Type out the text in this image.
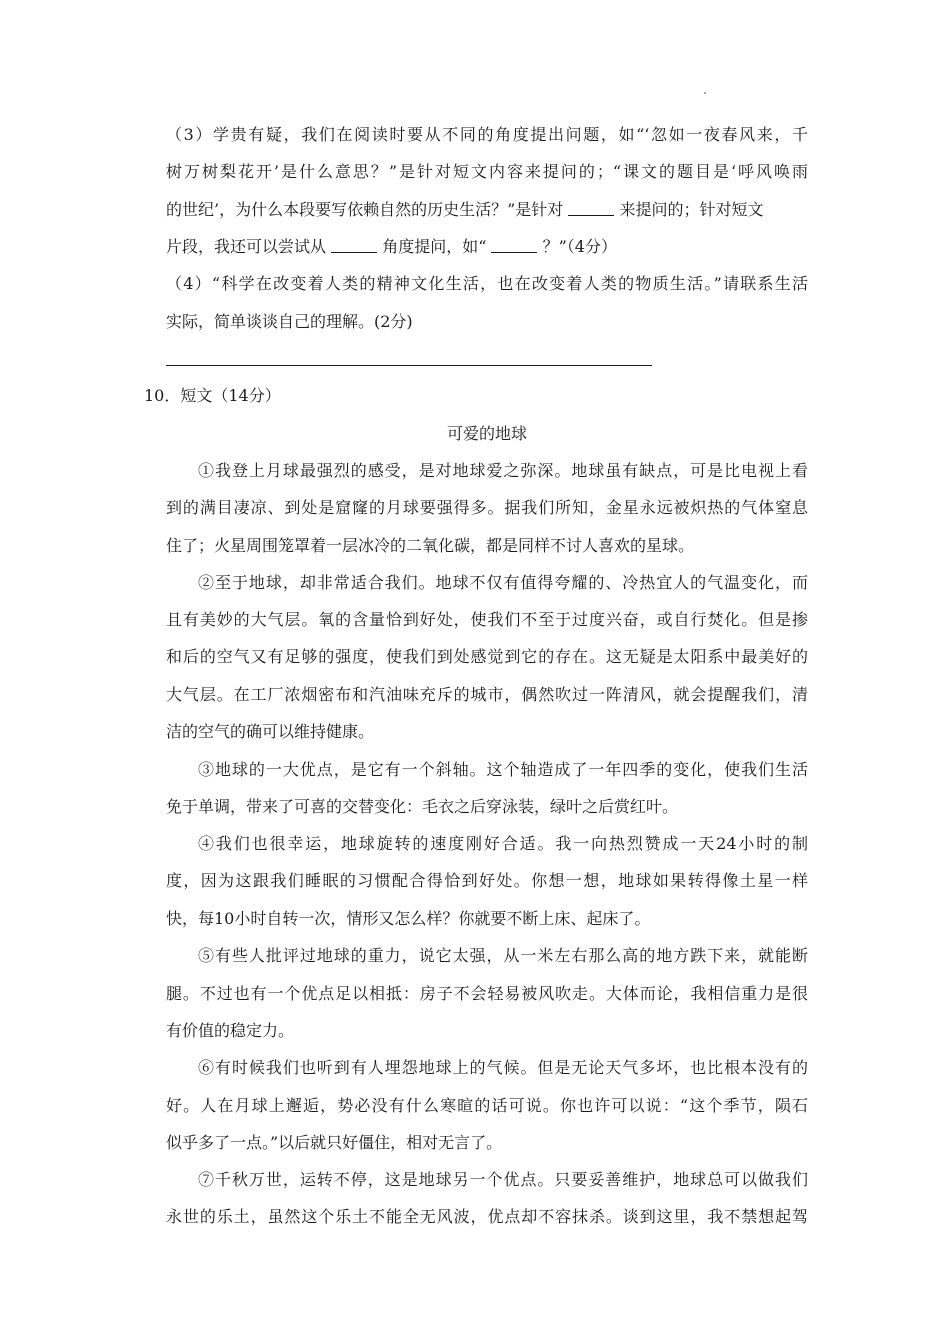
（3）学贵有疑，我们在阅读时要从不同的角度提出问题，如“‘忽如一夜春风来，千
树万树梨花开’是什么意思？”是针对短文内容来提问的；“课文的题目是‘呼风唤雨
的世纪’，为什么本段要写依赖自然的历史生活？”是针对	来提问的；针对短文
片段，我还可以尝试从	角度提问，如“	？”（4分）
（4）“科学在改变着人类的精神文化生活，也在改变着人类的物质生活。”请联系生活
实际，简单谈谈自己的理解。(2分)
10．短文（14分）
可爱的地球
①我登上月球最强烈的感受，是对地球爱之弥深。地球虽有缺点，可是比电视上看
到的满目凄凉、到处是窟窿的月球要强得多。据我们所知，金星永远被炽热的气体窒息
住了；火星周围笼罩着一层冰冷的二氧化碳，都是同样不讨人喜欢的星球。
②至于地球，却非常适合我们。地球不仅有值得夸耀的、冷热宜人的气温变化，而
且有美妙的大气层。氧的含量恰到好处，使我们不至于过度兴奋，或自行焚化。但是掺
和后的空气又有足够的强度，使我们到处感觉到它的存在。这无疑是太阳系中最美好的
大气层。在工厂浓烟密布和汽油味充斥的城市，偶然吹过一阵清风，就会提醒我们，清
洁的空气的确可以维持健康。
③地球的一大优点，是它有一个斜轴。这个轴造成了一年四季的变化，使我们生活
免于单调，带来了可喜的交替变化：毛衣之后穿泳装，绿叶之后赏红叶。
④我们也很幸运，地球旋转的速度刚好合适。我一向热烈赞成一天24小时的制
度，因为这跟我们睡眠的习惯配合得恰到好处。你想一想，地球如果转得像土星一样
快，每10小时自转一次，情形又怎么样？你就要不断上床、起床了。
⑤有些人批评过地球的重力，说它太强，从一米左右那么高的地方跌下来，就能断
腿。不过也有一个优点足以相抵：房子不会轻易被风吹走。大体而论，我相信重力是很
有价值的稳定力。
⑥有时候我们也听到有人埋怨地球上的气候。但是无论天气多坏，也比根本没有的
好。人在月球上邂逅，势必没有什么寒暄的话可说。你也许可以说：“这个季节，陨石
似乎多了一点。”以后就只好僵住，相对无言了。
⑦千秋万世，运转不停，这是地球另一个优点。只要妥善维护，地球总可以做我们
永世的乐土，虽然这个乐土不能全无风波，优点却不容抹杀。谈到这里，我不禁想起驾
